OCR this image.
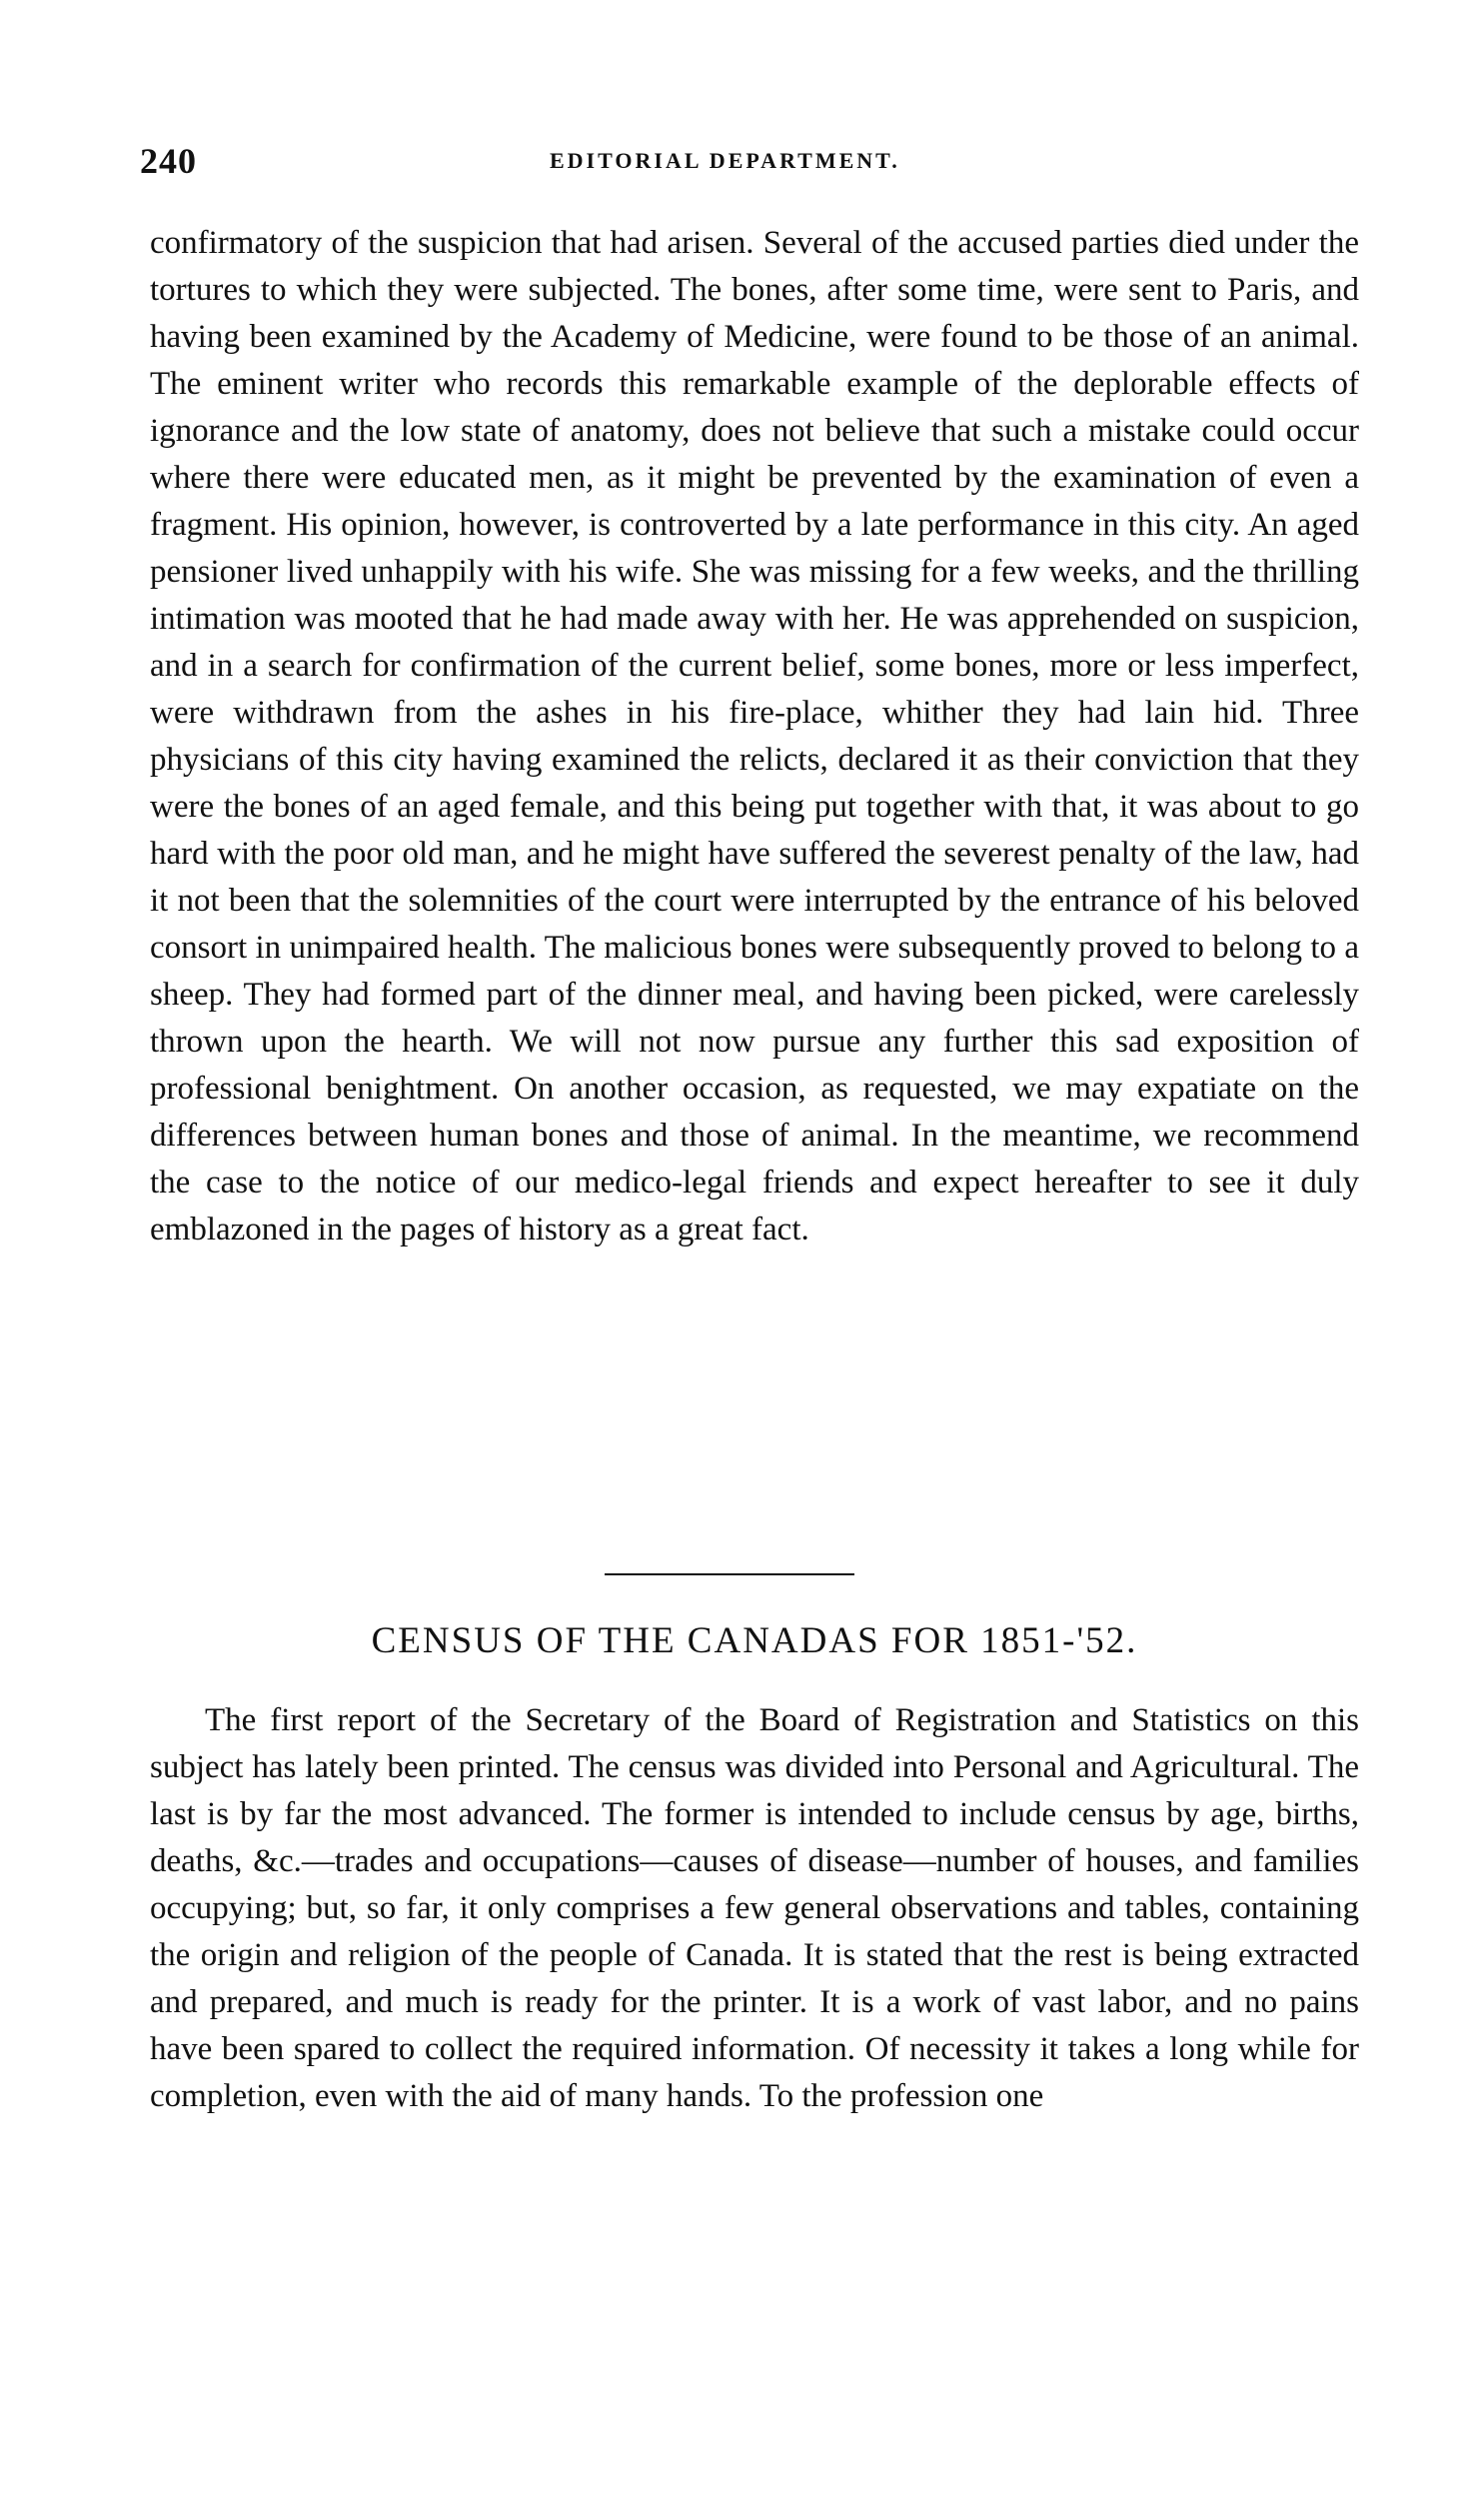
240	EDITORIAL DEPARTMENT.

confirmatory of the suspicion that had arisen. Several of the accused parties died under the tortures to which they were subjected. The bones, after some time, were sent to Paris, and having been examined by the Academy of Medicine, were found to be those of an animal. The eminent writer who records this remarkable example of the deplorable effects of ignorance and the low state of anatomy, does not believe that such a mistake could occur where there were educated men, as it might be prevented by the examination of even a fragment. His opinion, however, is controverted by a late performance in this city. An aged pensioner lived unhappily with his wife. She was missing for a few weeks, and the thrilling intimation was mooted that he had made away with her. He was apprehended on suspicion, and in a search for confirmation of the current belief, some bones, more or less imperfect, were withdrawn from the ashes in his fire-place, whither they had lain hid. Three physicians of this city having examined the relicts, declared it as their conviction that they were the bones of an aged female, and this being put together with that, it was about to go hard with the poor old man, and he might have suffered the severest penalty of the law, had it not been that the solemnities of the court were interrupted by the entrance of his beloved consort in unimpaired health. The malicious bones were subsequently proved to belong to a sheep. They had formed part of the dinner meal, and having been picked, were carelessly thrown upon the hearth. We will not now pursue any further this sad exposition of professional benightment. On another occasion, as requested, we may expatiate on the differences between human bones and those of animal. In the meantime, we recommend the case to the notice of our medico-legal friends and expect hereafter to see it duly emblazoned in the pages of history as a great fact.

CENSUS OF THE CANADAS FOR 1851-'52.

The first report of the Secretary of the Board of Registration and Statistics on this subject has lately been printed. The census was divided into Personal and Agricultural. The last is by far the most advanced. The former is intended to include census by age, births, deaths, &c.—trades and occupations—causes of disease—number of houses, and families occupying; but, so far, it only comprises a few general observations and tables, containing the origin and religion of the people of Canada. It is stated that the rest is being extracted and prepared, and much is ready for the printer. It is a work of vast labor, and no pains have been spared to collect the required information. Of necessity it takes a long while for completion, even with the aid of many hands. To the profession one
